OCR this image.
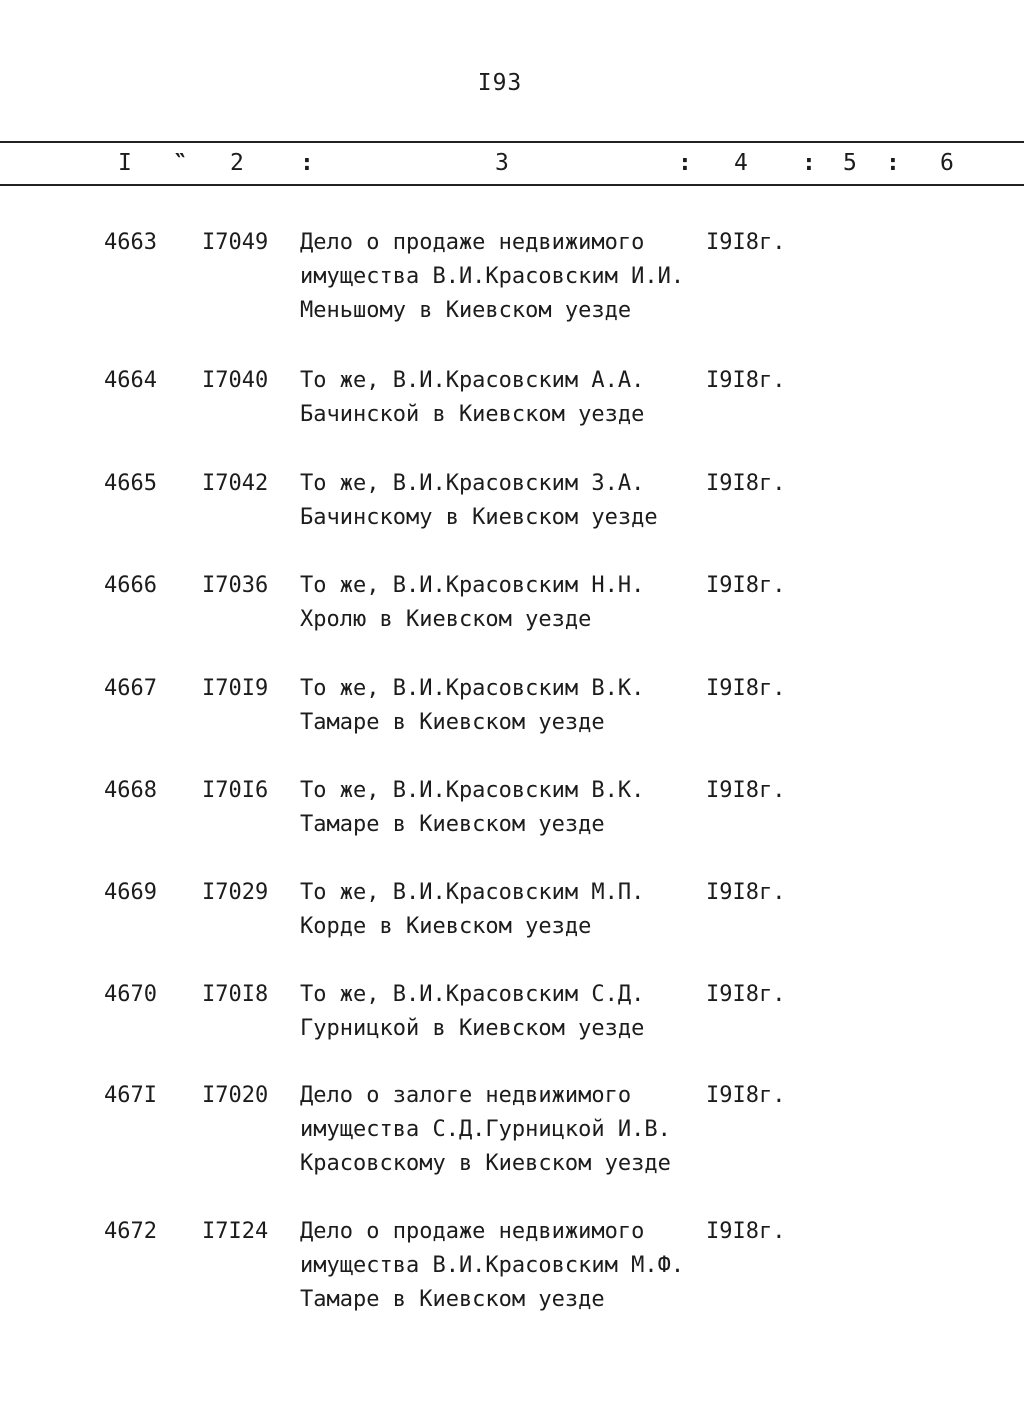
I93
I ‶ 2 :	3	: 4 : 5 : 6
4663 I7049 Дело о продаже недвижимого
имущества В.И.Красовским И.И.
Меньшому в Киевском уезде
I9I8г.
4664 I7040 То же, В.И.Красовским А.А.
Бачинской в Киевском уезде
I9I8г.
4665 I7042 То же, В.И.Красовским З.А.
Бачинскому в Киевском уезде
I9I8г.
4666 I7036 То же, В.И.Красовским Н.Н.
Хролю в Киевском уезде
I9I8г.
4667 I70I9 То же, В.И.Красовским В.К.
Тамаре в Киевском уезде
I9I8г.
4668 I70I6 То же, В.И.Красовским В.К.
Тамаре в Киевском уезде
I9I8г.
4669 I7029 То же, В.И.Красовским М.П.
Корде в Киевском уезде
I9I8г.
4670 I70I8 То же, В.И.Красовским С.Д.
Гурницкой в Киевском уезде
I9I8г.
467I I7020 Дело о залоге недвижимого
имущества С.Д.Гурницкой И.В.
Красовскому в Киевском уезде
I9I8г.
4672 I7I24 Дело о продаже недвижимого
имущества В.И.Красовским М.Ф.
Тамаре в Киевском уезде
I9I8г.
